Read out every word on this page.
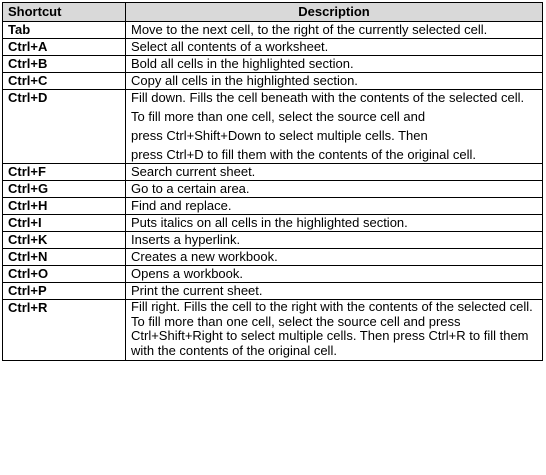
Shortcut	Description
Tab	Move to the next cell, to the right of the currently selected cell.

Ctrl+A	Select all contents of a worksheet.

Ctrl+B	Bold all cells in the highlighted section.

Ctrl+C	Copy all cells in the highlighted section.

Ctrl+D	Fill down. Fills the cell beneath with the contents of the selected cell.
To fill more than one cell, select the source cell and
press Ctrl+Shift+Down to select multiple cells. Then
press Ctrl+D to fill them with the contents of the original cell.

Ctrl+F	Search current sheet.

Ctrl+G	Go to a certain area.

Ctrl+H	Find and replace.

Ctrl+I	Puts italics on all cells in the highlighted section.

Ctrl+K	Inserts a hyperlink.

Ctrl+N	Creates a new workbook.

Ctrl+O	Opens a workbook.

Ctrl+P	Print the current sheet.

Ctrl+R	Fill right. Fills the cell to the right with the contents of the selected cell. To fill more than one cell, select the source cell and press Ctrl+Shift+Right to select multiple cells. Then press Ctrl+R to fill them with the contents of the original cell.
